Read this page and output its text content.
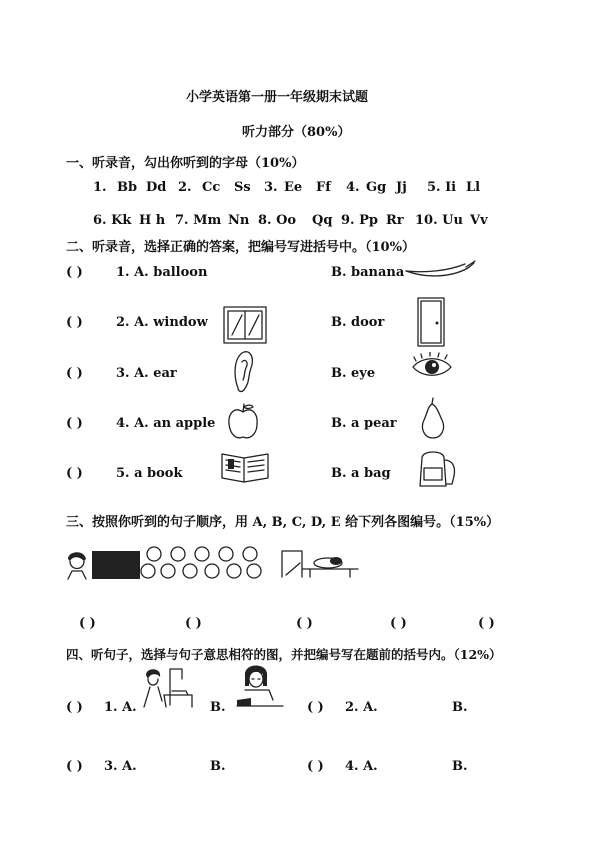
小学英语第一册一年级期末试题
听力部分（80%）
一、听录音，勾出你听到的字母（10%）
1. Bb Dd 2. Cc Ss 3. Ee Ff 4. Gg Jj 5. Ii Ll
6. Kk H h 7. Mm Nn 8. Oo Qq 9. Pp Rr 10. Uu Vv
二、听录音，选择正确的答案，把编号写进括号中。（10%）
( )	1. A. balloon	B. banana
( )	2. A. window	B. door
( )	3. A. ear	B. eye
( )	4. A. an apple	B. a pear
( )	5. a book	B. a bag
三、按照你听到的句子顺序，用 A, B, C, D, E 给下列各图编号。（15%）
( )	( )	( )	( )	( )
四、听句子，选择与句子意思相符的图，并把编号写在题前的括号内。（12%）
( ) 1. A.	B.	( ) 2. A.	B.
( ) 3. A.	B.	( ) 4. A.	B.
